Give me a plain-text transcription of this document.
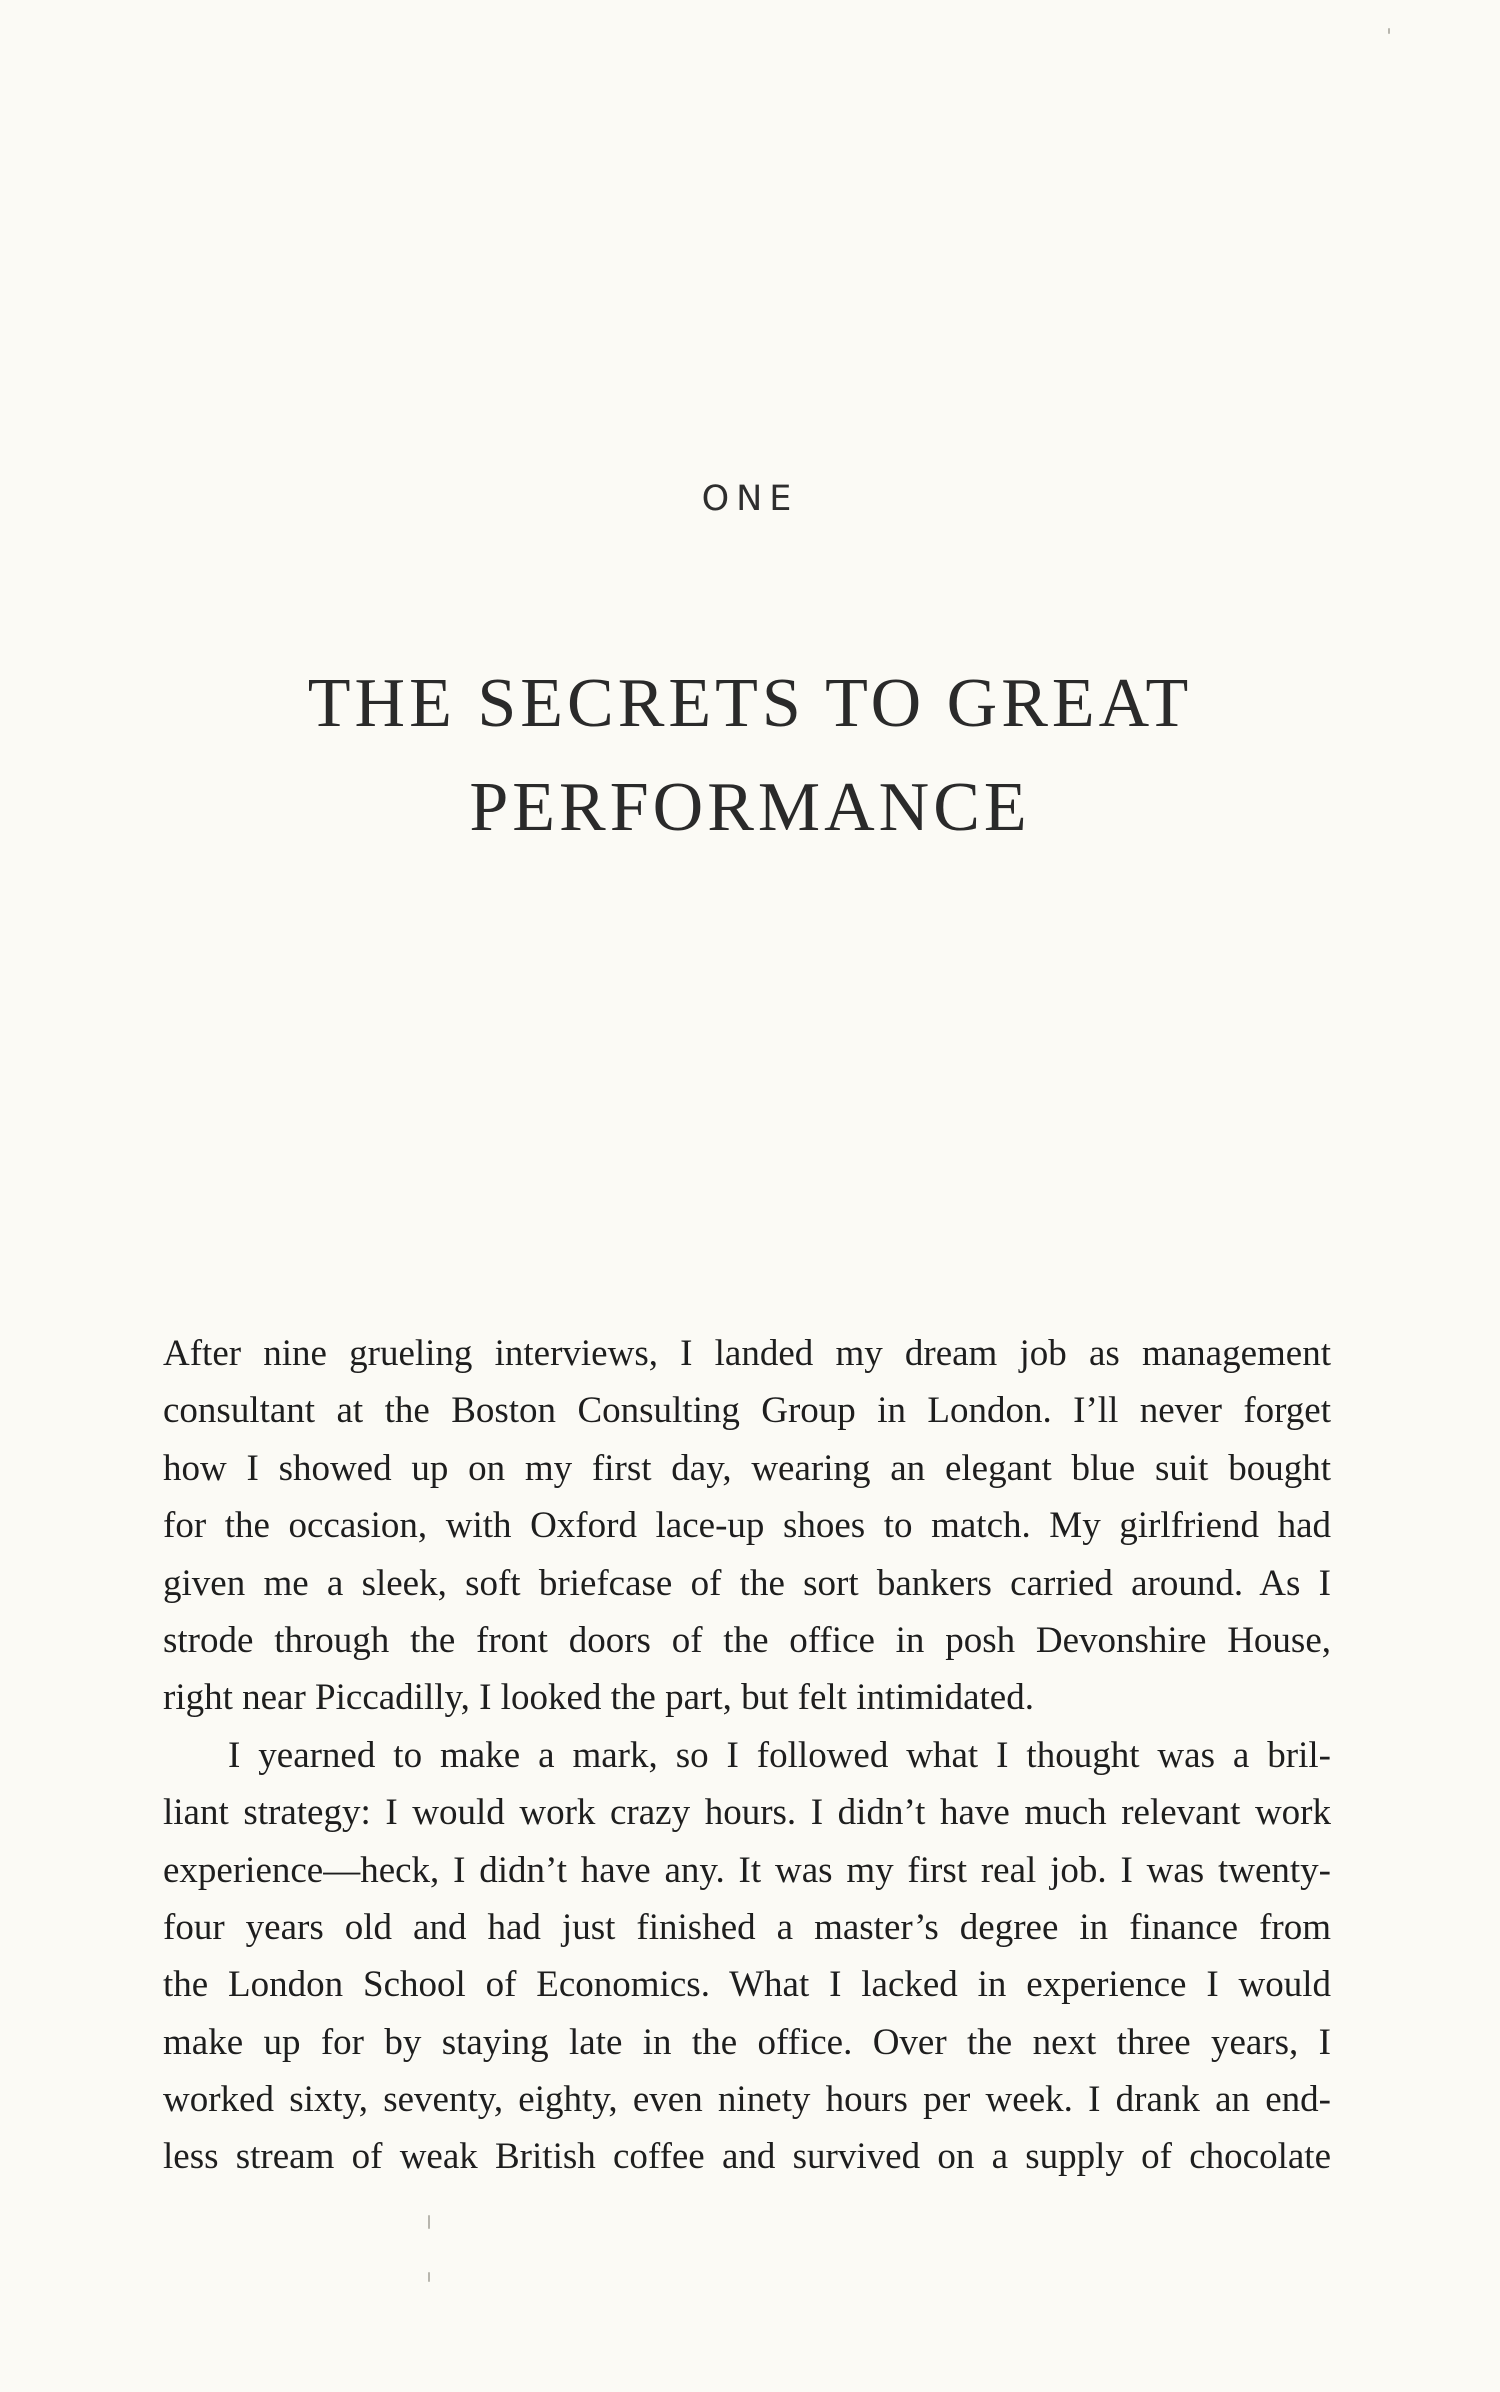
ONE
THE SECRETS TO GREAT
PERFORMANCE
After nine grueling interviews, I landed my dream job as management
consultant at the Boston Consulting Group in London. I’ll never forget
how I showed up on my first day, wearing an elegant blue suit bought
for the occasion, with Oxford lace-up shoes to match. My girlfriend had
given me a sleek, soft briefcase of the sort bankers carried around. As I
strode through the front doors of the office in posh Devonshire House,
right near Piccadilly, I looked the part, but felt intimidated.
I yearned to make a mark, so I followed what I thought was a bril-
liant strategy: I would work crazy hours. I didn’t have much relevant work
experience—heck, I didn’t have any. It was my first real job. I was twenty-
four years old and had just finished a master’s degree in finance from
the London School of Economics. What I lacked in experience I would
make up for by staying late in the office. Over the next three years, I
worked sixty, seventy, eighty, even ninety hours per week. I drank an end-
less stream of weak British coffee and survived on a supply of chocolate
